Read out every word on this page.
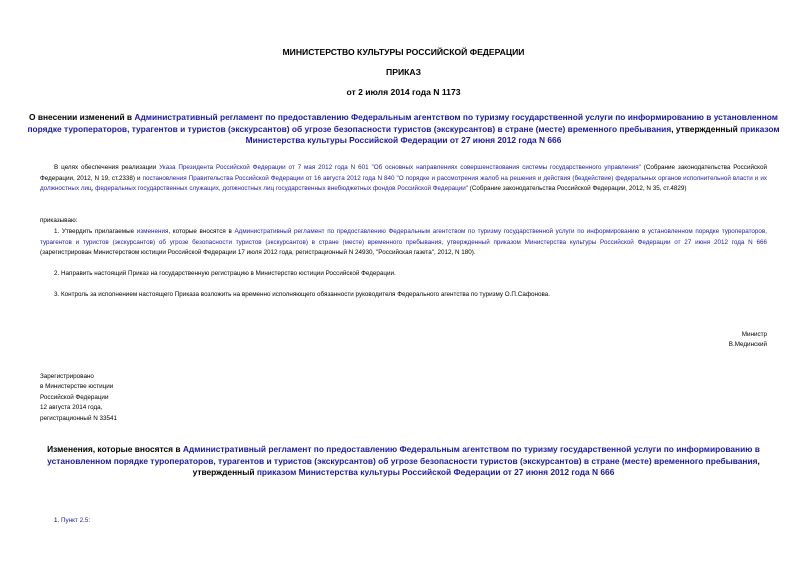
МИНИСТЕРСТВО КУЛЬТУРЫ РОССИЙСКОЙ ФЕДЕРАЦИИ
ПРИКАЗ
от 2 июля 2014 года N 1173
О внесении изменений в Административный регламент по предоставлению Федеральным агентством по туризму государственной услуги по информированию в установленном порядке туроператоров, турагентов и туристов (экскурсантов) об угрозе безопасности туристов (экскурсантов) в стране (месте) временного пребывания, утвержденный приказом Министерства культуры Российской Федерации от 27 июня 2012 года N 666
В целях обеспечения реализации Указа Президента Российской Федерации от 7 мая 2012 года N 601 "Об основных направлениях совершенствования системы государственного управления" (Собрание законодательства Российской Федерации, 2012, N 19, ст.2338) и постановления Правительства Российской Федерации от 16 августа 2012 года N 840 "О порядке и рассмотрения жалоб на решения и действия (бездействие) федеральных органов исполнительной власти и их должностных лиц, федеральных государственных служащих, должностных лиц государственных внебюджетных фондов Российской Федерации" (Собрание законодательства Российской Федерации, 2012, N 35, ст.4829)
приказываю:
1. Утвердить прилагаемые изменения, которые вносятся в Административный регламент по предоставлению Федеральным агентством по туризму государственной услуги по информированию в установленном порядке туроператоров, турагентов и туристов (экскурсантов) об угрозе безопасности туристов (экскурсантов) в стране (месте) временного пребывания, утвержденный приказом Министерства культуры Российской Федерации от 27 июня 2012 года N 666 (зарегистрирован Министерством юстиции Российской Федерации 17 июля 2012 года, регистрационный N 24930, "Российская газета", 2012, N 180).
2. Направить настоящий Приказ на государственную регистрацию в Министерство юстиции Российской Федерации.
3. Контроль за исполнением настоящего Приказа возложить на временно исполняющего обязанности руководителя Федерального агентства по туризму О.П.Сафонова.
Министр
В.Мединский
Зарегистрировано
в Министерстве юстиции
Российской Федерации
12 августа 2014 года,
регистрационный N 33541
Изменения, которые вносятся в Административный регламент по предоставлению Федеральным агентством по туризму государственной услуги по информированию в установленном порядке туроператоров, турагентов и туристов (экскурсантов) об угрозе безопасности туристов (экскурсантов) в стране (месте) временного пребывания, утвержденный приказом Министерства культуры Российской Федерации от 27 июня 2012 года N 666
1. Пункт 2.5:
